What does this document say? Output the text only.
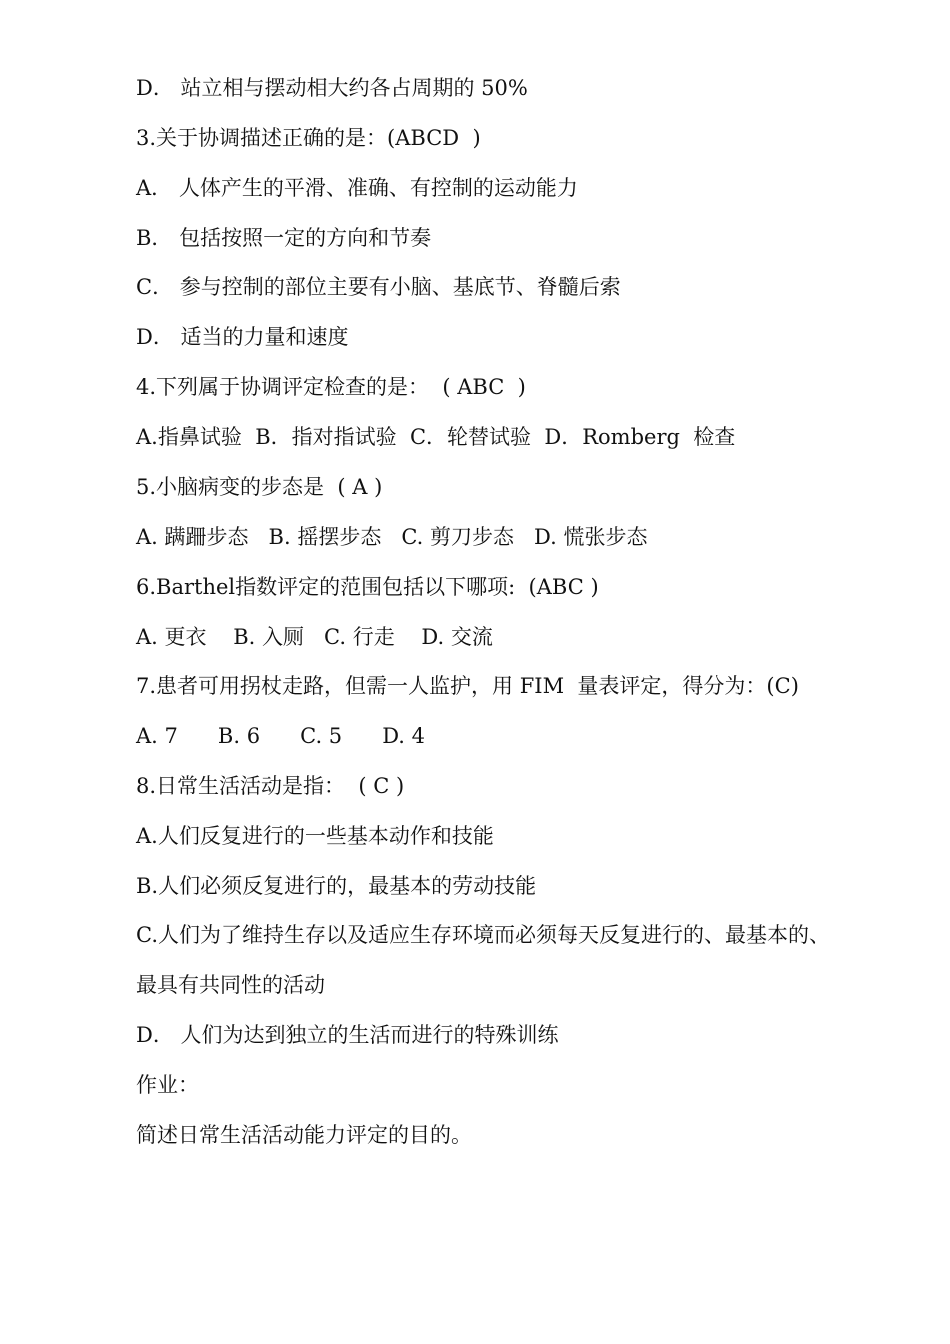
D． 站立相与摆动相大约各占周期的 50%

3.关于协调描述正确的是：(ABCD  )

A． 人体产生的平滑、准确、有控制的运动能力

B． 包括按照一定的方向和节奏

C． 参与控制的部位主要有小脑、基底节、脊髓后索

D． 适当的力量和速度

4.下列属于协调评定检查的是：  ( ABC  )

A.指鼻试验  B．指对指试验  C．轮替试验  D．Romberg  检查

5.小脑病变的步态是  ( A )

A. 蹒跚步态   B. 摇摆步态   C. 剪刀步态   D. 慌张步态

6.Barthel指数评定的范围包括以下哪项:  (ABC )

A. 更衣    B. 入厕   C. 行走    D. 交流

7.患者可用拐杖走路，但需一人监护，用 FIM  量表评定，得分为：(C)

A. 7      B. 6      C. 5      D. 4

8.日常生活活动是指：  ( C )

A.人们反复进行的一些基本动作和技能

B.人们必须反复进行的，最基本的劳动技能

C.人们为了维持生存以及适应生存环境而必须每天反复进行的、最基本的、

最具有共同性的活动

D． 人们为达到独立的生活而进行的特殊训练

作业：

简述日常生活活动能力评定的目的。
